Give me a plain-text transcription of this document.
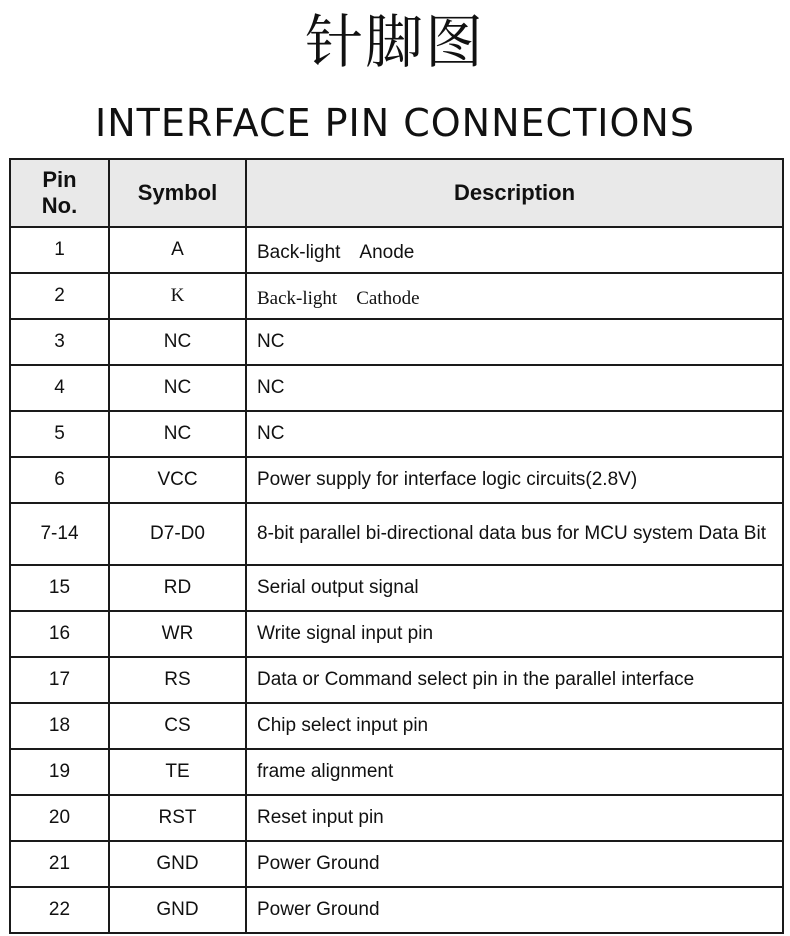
针脚图
INTERFACE PIN CONNECTIONS
Pin
No.	Symbol	Description
1	A	Back-light　Anode
2	K	Back-light　Cathode
3	NC	NC
4	NC	NC
5	NC	NC
6	VCC	Power supply for interface logic circuits(2.8V)
7-14	D7-D0	8-bit parallel bi-directional data bus for MCU system Data Bit
15	RD	Serial output signal
16	WR	Write signal input pin
17	RS	Data or Command select pin in the parallel interface
18	CS	Chip select input pin
19	TE	frame alignment
20	RST	Reset input pin
21	GND	Power Ground
22	GND	Power Ground
